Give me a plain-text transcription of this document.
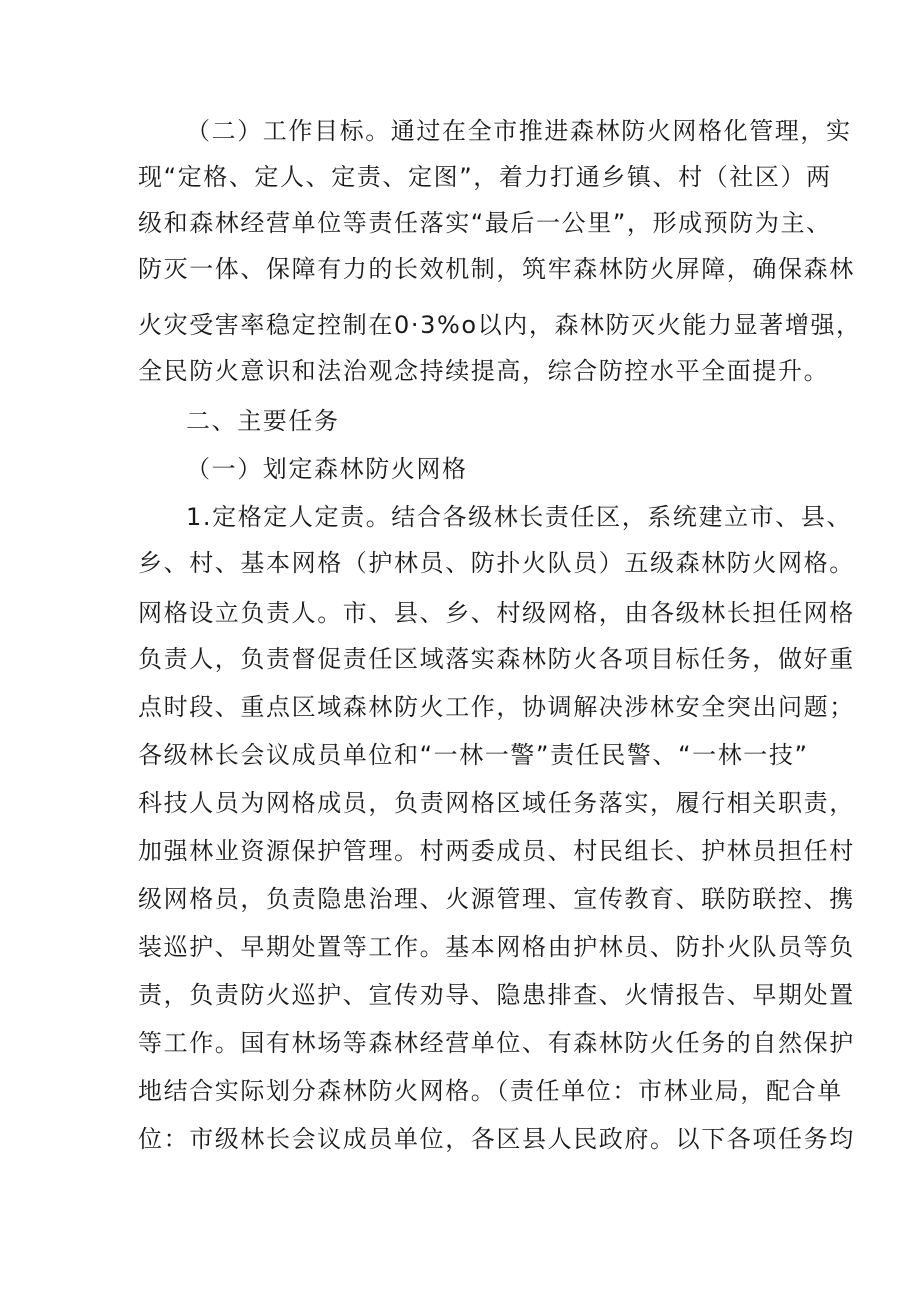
（二）工作目标。通过在全市推进森林防火网格化管理，实
现“定格、定人、定责、定图”，着力打通乡镇、村（社区）两
级和森林经营单位等责任落实“最后一公里”，形成预防为主、
防灭一体、保障有力的长效机制，筑牢森林防火屏障，确保森林
火灾受害率稳定控制在0·3%o以内，森林防灭火能力显著增强，
全民防火意识和法治观念持续提高，综合防控水平全面提升。
二、主要任务
（一）划定森林防火网格
1.定格定人定责。结合各级林长责任区，系统建立市、县、
乡、村、基本网格（护林员、防扑火队员）五级森林防火网格。
网格设立负责人。市、县、乡、村级网格，由各级林长担任网格
负责人，负责督促责任区域落实森林防火各项目标任务，做好重
点时段、重点区域森林防火工作，协调解决涉林安全突出问题；
各级林长会议成员单位和“一林一警”责任民警、“一林一技”
科技人员为网格成员，负责网格区域任务落实，履行相关职责，
加强林业资源保护管理。村两委成员、村民组长、护林员担任村
级网格员，负责隐患治理、火源管理、宣传教育、联防联控、携
装巡护、早期处置等工作。基本网格由护林员、防扑火队员等负
责，负责防火巡护、宣传劝导、隐患排查、火情报告、早期处置
等工作。国有林场等森林经营单位、有森林防火任务的自然保护
地结合实际划分森林防火网格。（责任单位：市林业局，配合单
位：市级林长会议成员单位，各区县人民政府。以下各项任务均
